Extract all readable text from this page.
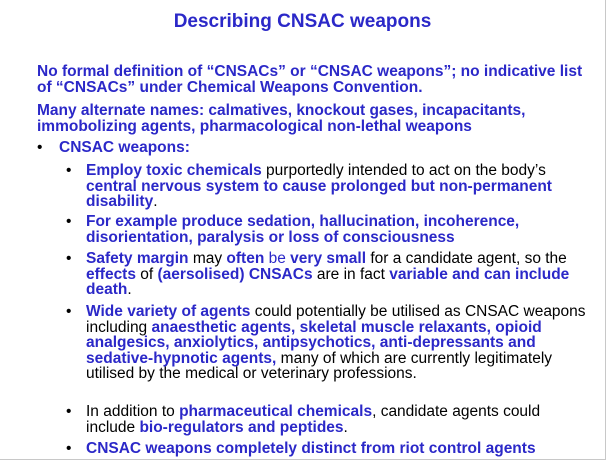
Describing CNSAC weapons
No formal definition of “CNSACs” or “CNSAC weapons”; no indicative list of “CNSACs” under Chemical Weapons Convention.
Many alternate names: calmatives, knockout gases, incapacitants, immobolizing agents, pharmacological non-lethal weapons
• CNSAC weapons:
• Employ toxic chemicals purportedly intended to act on the body’s central nervous system to cause prolonged but non-permanent disability.
• For example produce sedation, hallucination, incoherence, disorientation, paralysis or loss of consciousness
• Safety margin may often be very small for a candidate agent, so the effects of (aersolised) CNSACs are in fact variable and can include death.
• Wide variety of agents could potentially be utilised as CNSAC weapons including anaesthetic agents, skeletal muscle relaxants, opioid analgesics, anxiolytics, antipsychotics, anti-depressants and sedative-hypnotic agents, many of which are currently legitimately utilised by the medical or veterinary professions.
• In addition to pharmaceutical chemicals, candidate agents could include bio-regulators and peptides.
• CNSAC weapons completely distinct from riot control agents
